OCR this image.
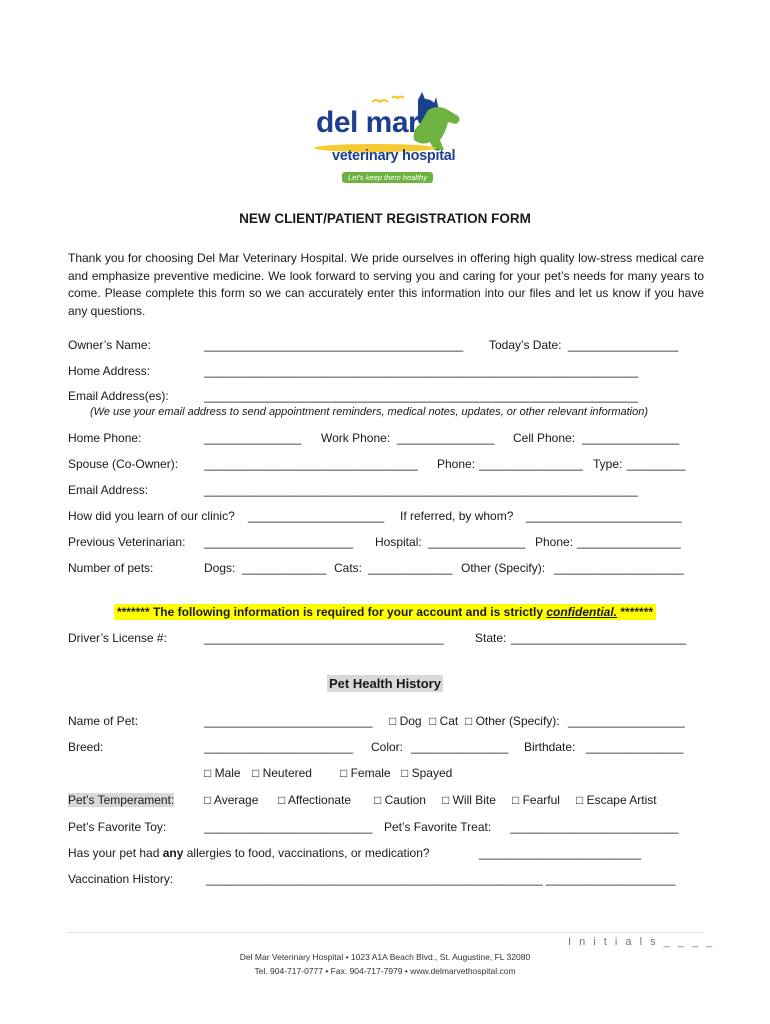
del mar
veterinary hospital
Let's keep them healthy
NEW CLIENT/PATIENT REGISTRATION FORM
Thank you for choosing Del Mar Veterinary Hospital. We pride ourselves in offering high quality low-stress medical care and emphasize preventive medicine. We look forward to serving you and caring for your pet’s needs for many years to come. Please complete this form so we can accurately enter this information into our files and let us know if you have any questions.
Owner’s Name:	________________________________________ Today’s Date: _________________
Home Address:	___________________________________________________________________
Email Address(es):	___________________________________________________________________
(We use your email address to send appointment reminders, medical notes, updates, or other relevant information)
Home Phone:	_______________ Work Phone: _______________ Cell Phone: _______________
Spouse (Co-Owner): _________________________________ Phone: ________________ Type: _________
Email Address:	___________________________________________________________________
How did you learn of our clinic? _____________________ If referred, by whom? ________________________
Previous Veterinarian: _______________________ Hospital: _______________ Phone: ________________
Number of pets:	Dogs: _____________ Cats: _____________ Other (Specify): ____________________
******* The following information is required for your account and is strictly confidential. *******
Driver’s License #:	_____________________________________	State: ___________________________
Pet Health History
Name of Pet:	__________________________ □ Dog □ Cat □ Other (Specify): __________________
Breed:	_______________________ Color: _______________ Birthdate: _______________
□ Male □ Neutered □ Female □ Spayed
Pet’s Temperament: □ Average □ Affectionate □ Caution □ Will Bite □ Fearful □ Escape Artist
Pet’s Favorite Toy:	__________________________ Pet’s Favorite Treat: __________________________
Has your pet had any allergies to food, vaccinations, or medication?	_________________________
Vaccination History:	____________________________________________________ ____________________
I n i t i a l s _ _ _ _
Del Mar Veterinary Hospital • 1023 A1A Beach Blvd., St. Augustine, FL 32080
Tel. 904-717-0777 • Fax. 904-717-7979 • www.delmarvethospital.com
